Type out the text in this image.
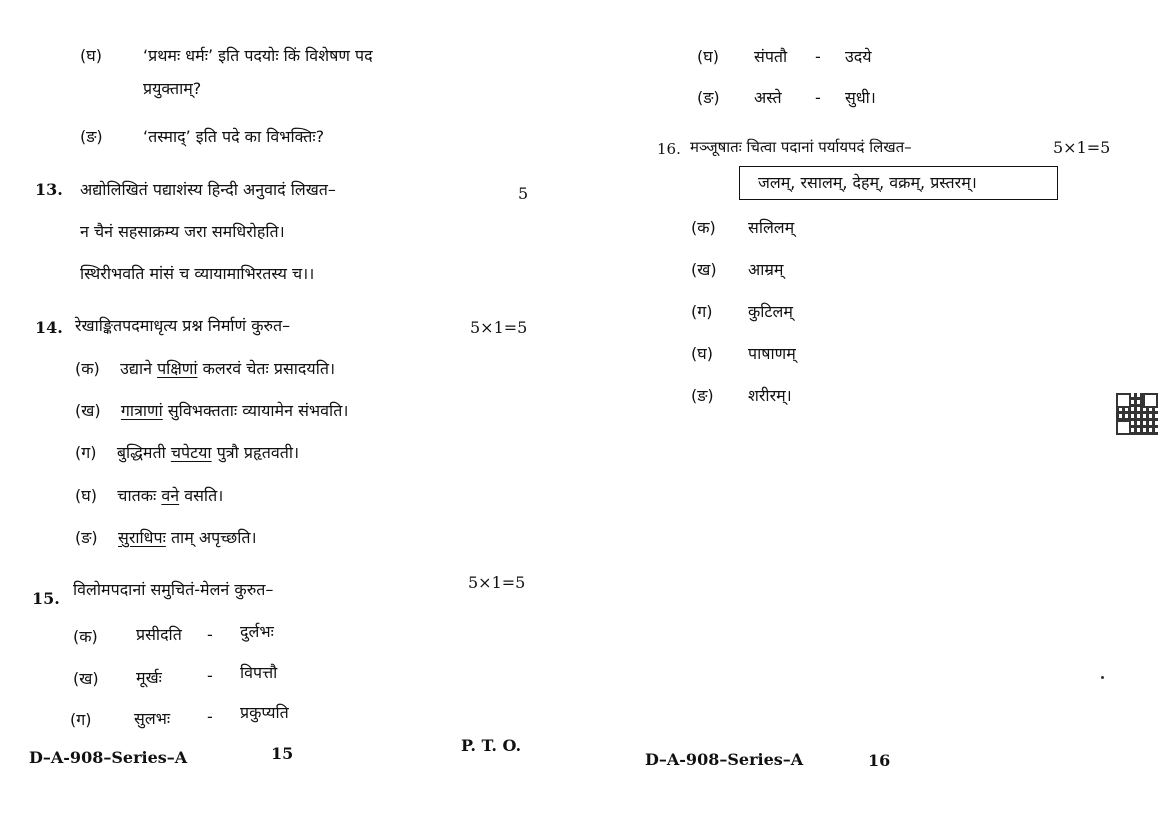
(घ)	‘प्रथमः धर्मः’ इति पदयोः किं विशेषण पद
प्रयुक्ताम्?
(ङ)	‘तस्माद्’ इति पदे का विभक्तिः?
13. अद्योलिखितं पद्याशंस्य हिन्दी अनुवादं लिखत–	5
न चैनं सहसाक्रम्य जरा समधिरोहति।
स्थिरीभवति मांसं च व्यायामाभिरतस्य च।।
14. रेखाङ्कितपदमाधृत्य प्रश्न निर्माणं कुरुत–	5×1=5
(क) उद्याने पक्षिणां कलरवं चेतः प्रसादयति।
(ख) गात्राणां सुविभक्तताः व्यायामेन संभवति।
(ग) बुद्धिमती चपेटया पुत्रौ प्रहृतवती।
(घ) चातकः वने वसति।
(ङ) सुराधिपः ताम् अपृच्छति।
15. विलोमपदानां समुचितं-मेलनं कुरुत–	5×1=5
(क) प्रसीदति - दुर्लभः
(ख) मूर्खः	- विपत्तौ
(ग)	सुलभः - प्रकुप्यति
D–A-908–Series–A	15	P. T. O.
(घ) संपतौ - उदये
(ङ) अस्ते - सुधी।
16. मञ्जूषातः चित्वा पदानां पर्यायपदं लिखत–	5×1=5
जलम्, रसालम्, देहम्, वक्रम्, प्रस्तरम्।
(क) सलिलम्
(ख) आम्रम्
(ग) कुटिलम्
(घ) पाषाणम्
(ङ) शरीरम्।
D–A-908–Series–A	16
